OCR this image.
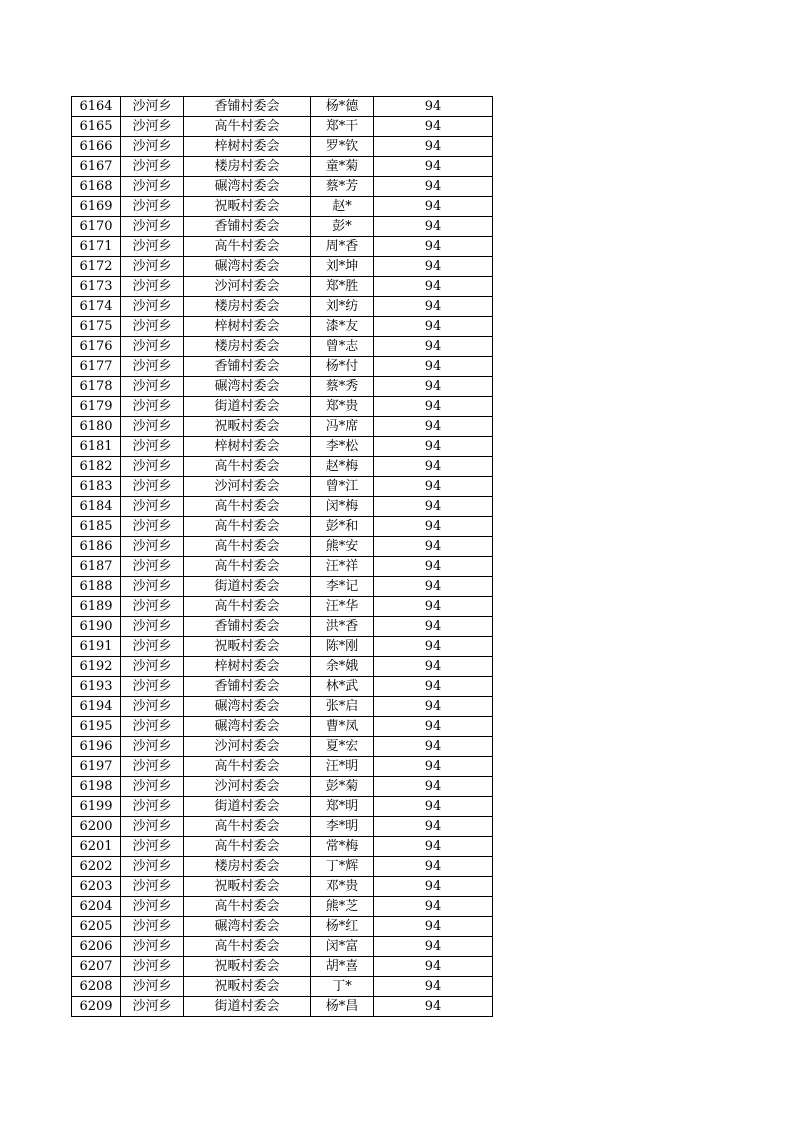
6164	沙河乡	香铺村委会	杨*德	94
6165	沙河乡	高牛村委会	郑*干	94
6166	沙河乡	梓树村委会	罗*钦	94
6167	沙河乡	楼房村委会	童*菊	94
6168	沙河乡	碾湾村委会	蔡*芳	94
6169	沙河乡	祝畈村委会	赵*	94
6170	沙河乡	香铺村委会	彭*	94
6171	沙河乡	高牛村委会	周*香	94
6172	沙河乡	碾湾村委会	刘*坤	94
6173	沙河乡	沙河村委会	郑*胜	94
6174	沙河乡	楼房村委会	刘*纺	94
6175	沙河乡	梓树村委会	漆*友	94
6176	沙河乡	楼房村委会	曾*志	94
6177	沙河乡	香铺村委会	杨*付	94
6178	沙河乡	碾湾村委会	蔡*秀	94
6179	沙河乡	街道村委会	郑*贵	94
6180	沙河乡	祝畈村委会	冯*席	94
6181	沙河乡	梓树村委会	李*松	94
6182	沙河乡	高牛村委会	赵*梅	94
6183	沙河乡	沙河村委会	曾*江	94
6184	沙河乡	高牛村委会	闵*梅	94
6185	沙河乡	高牛村委会	彭*和	94
6186	沙河乡	高牛村委会	熊*安	94
6187	沙河乡	高牛村委会	汪*祥	94
6188	沙河乡	街道村委会	李*记	94
6189	沙河乡	高牛村委会	汪*华	94
6190	沙河乡	香铺村委会	洪*香	94
6191	沙河乡	祝畈村委会	陈*刚	94
6192	沙河乡	梓树村委会	余*娥	94
6193	沙河乡	香铺村委会	林*武	94
6194	沙河乡	碾湾村委会	张*启	94
6195	沙河乡	碾湾村委会	曹*凤	94
6196	沙河乡	沙河村委会	夏*宏	94
6197	沙河乡	高牛村委会	汪*明	94
6198	沙河乡	沙河村委会	彭*菊	94
6199	沙河乡	街道村委会	郑*明	94
6200	沙河乡	高牛村委会	李*明	94
6201	沙河乡	高牛村委会	常*梅	94
6202	沙河乡	楼房村委会	丁*辉	94
6203	沙河乡	祝畈村委会	邓*贵	94
6204	沙河乡	高牛村委会	熊*芝	94
6205	沙河乡	碾湾村委会	杨*红	94
6206	沙河乡	高牛村委会	闵*富	94
6207	沙河乡	祝畈村委会	胡*喜	94
6208	沙河乡	祝畈村委会	丁*	94
6209	沙河乡	街道村委会	杨*昌	94
